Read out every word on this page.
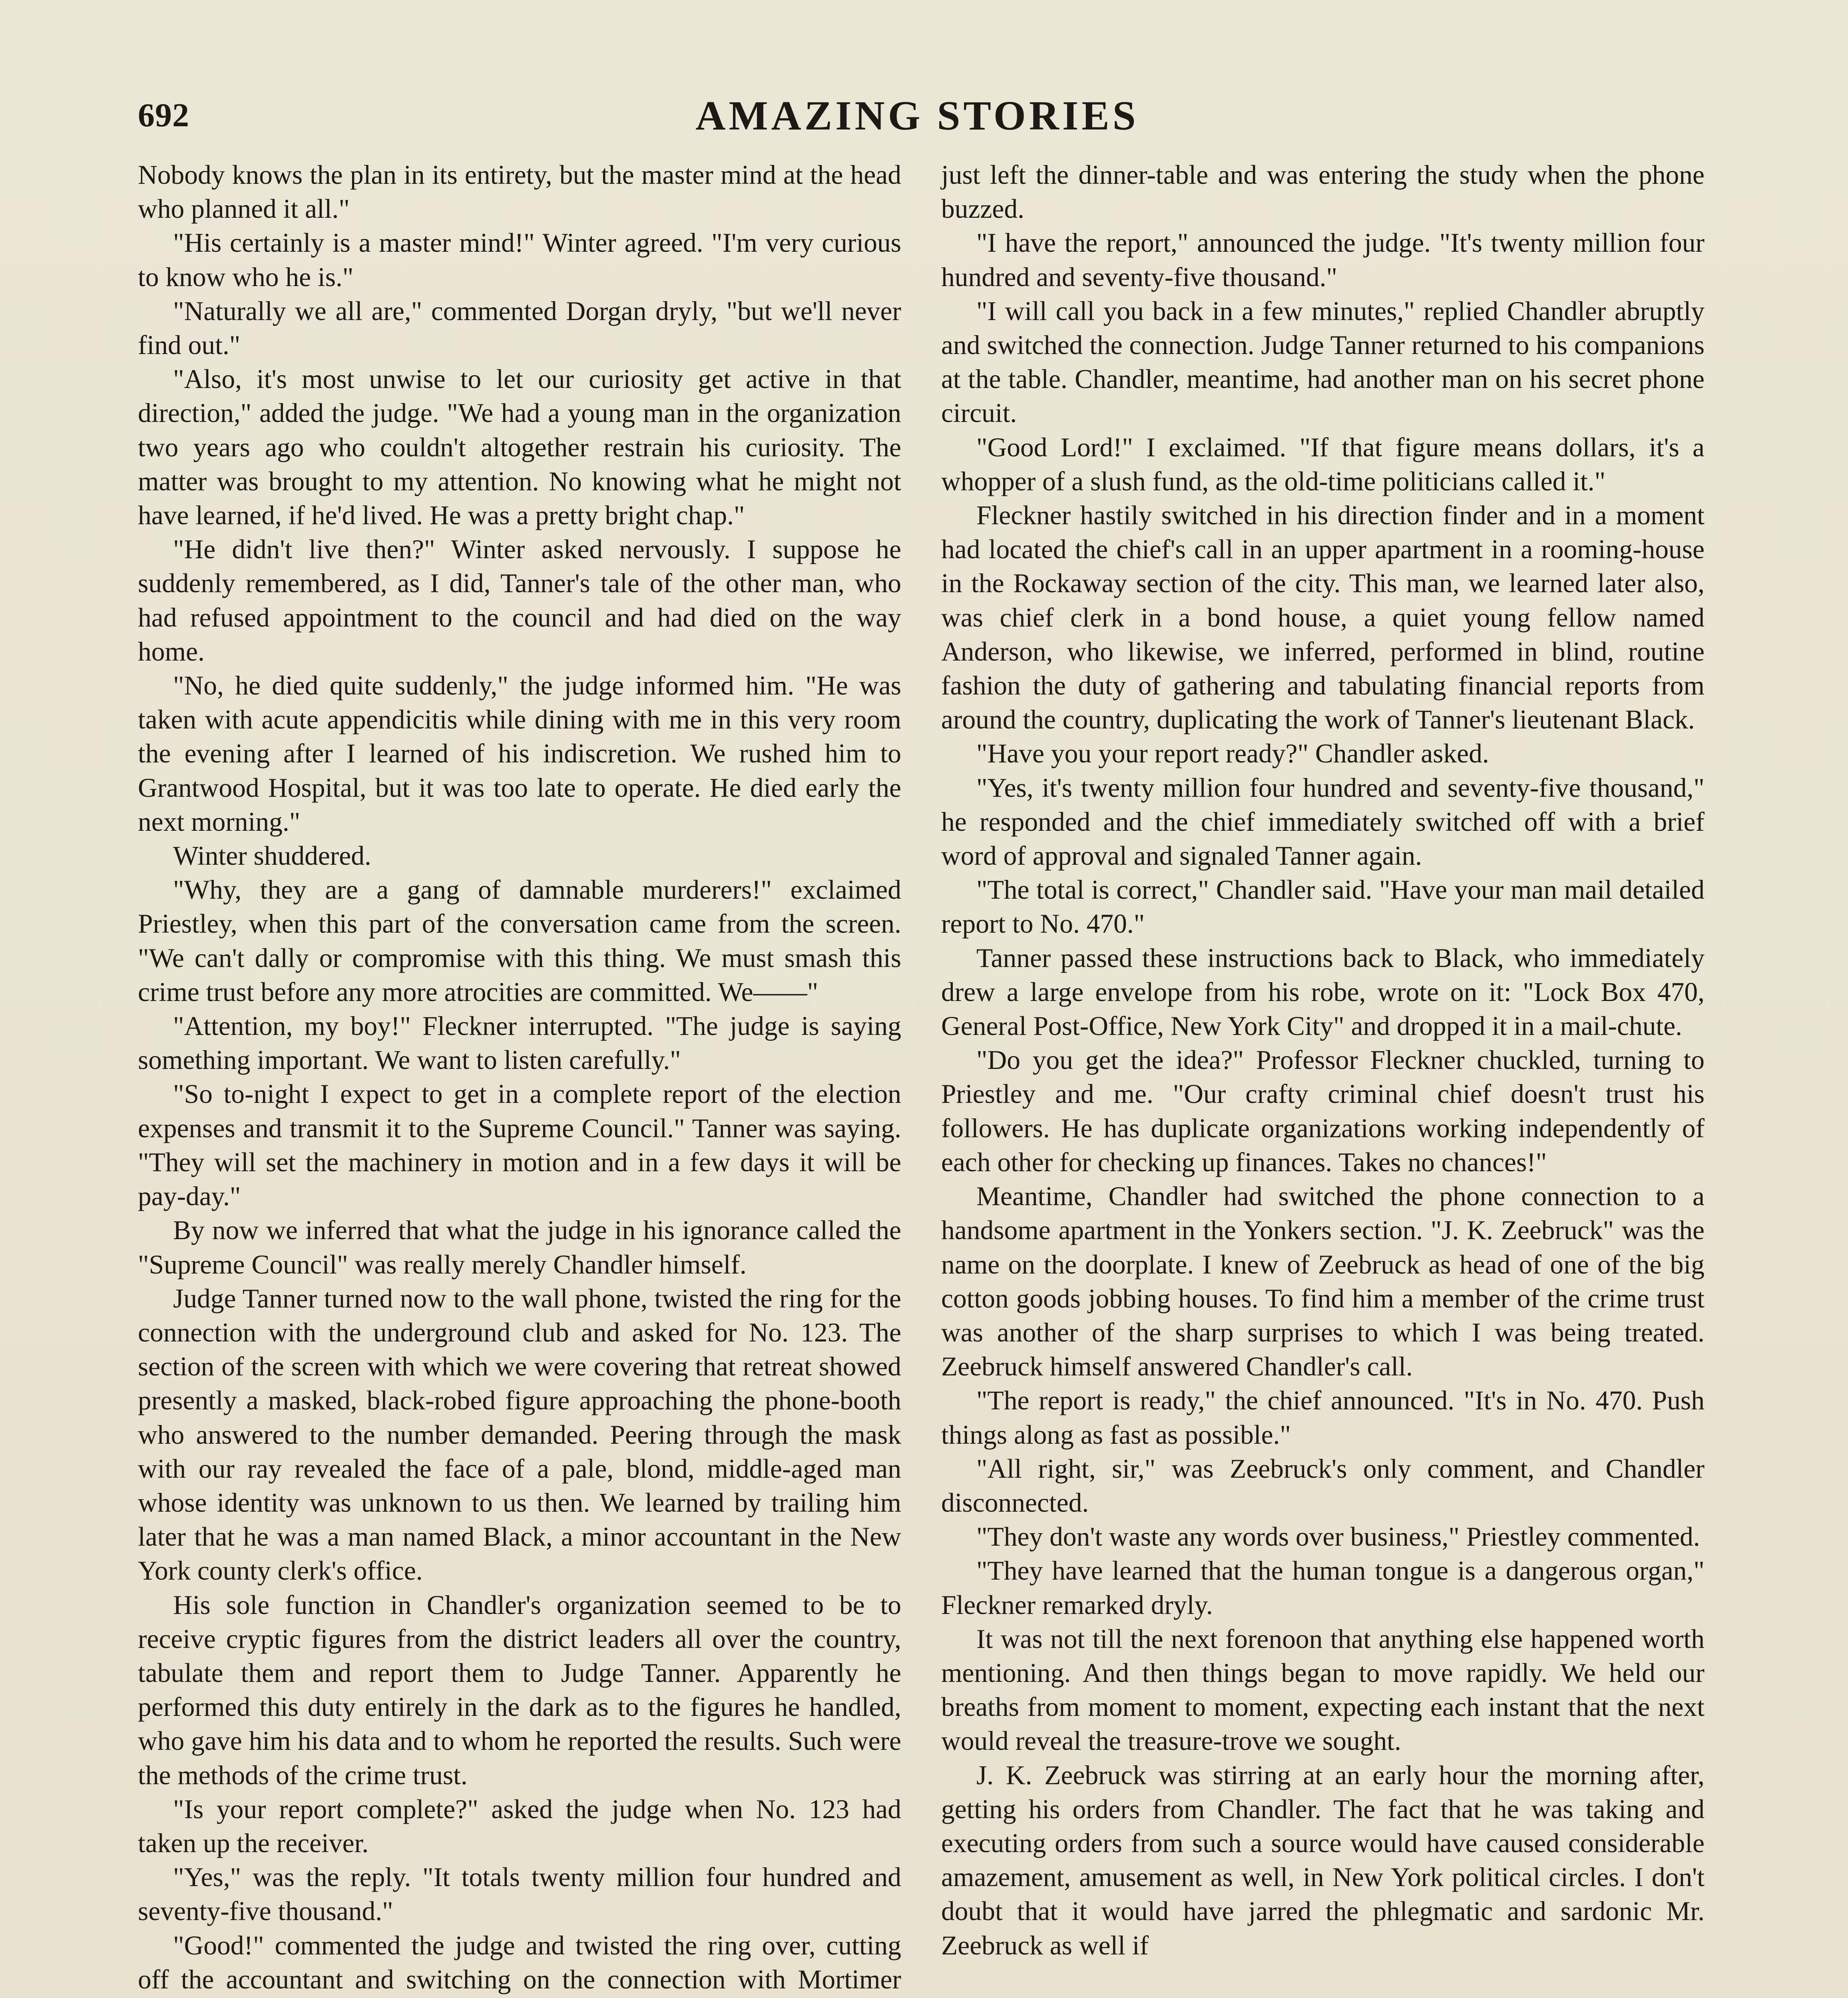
692	AMAZING STORIES

Nobody knows the plan in its entirety, but the master mind at the head who planned it all."

"His certainly is a master mind!" Winter agreed. "I'm very curious to know who he is."

"Naturally we all are," commented Dorgan dryly, "but we'll never find out."

"Also, it's most unwise to let our curiosity get active in that direction," added the judge. "We had a young man in the organization two years ago who couldn't altogether restrain his curiosity. The matter was brought to my attention. No knowing what he might not have learned, if he'd lived. He was a pretty bright chap."

"He didn't live then?" Winter asked nervously. I suppose he suddenly remembered, as I did, Tanner's tale of the other man, who had refused appointment to the council and had died on the way home.

"No, he died quite suddenly," the judge informed him. "He was taken with acute appendicitis while dining with me in this very room the evening after I learned of his indiscretion. We rushed him to Grantwood Hospital, but it was too late to operate. He died early the next morning."

Winter shuddered.

"Why, they are a gang of damnable murderers!" exclaimed Priestley, when this part of the conversation came from the screen. "We can't dally or compromise with this thing. We must smash this crime trust before any more atrocities are committed. We——"

"Attention, my boy!" Fleckner interrupted. "The judge is saying something important. We want to listen carefully."

"So to-night I expect to get in a complete report of the election expenses and transmit it to the Supreme Council." Tanner was saying. "They will set the machinery in motion and in a few days it will be pay-day."

By now we inferred that what the judge in his ignorance called the "Supreme Council" was really merely Chandler himself.

Judge Tanner turned now to the wall phone, twisted the ring for the connection with the underground club and asked for No. 123. The section of the screen with which we were covering that retreat showed presently a masked, black-robed figure approaching the phone-booth who answered to the number demanded. Peering through the mask with our ray revealed the face of a pale, blond, middle-aged man whose identity was unknown to us then. We learned by trailing him later that he was a man named Black, a minor accountant in the New York county clerk's office.

His sole function in Chandler's organization seemed to be to receive cryptic figures from the district leaders all over the country, tabulate them and report them to Judge Tanner. Apparently he performed this duty entirely in the dark as to the figures he handled, who gave him his data and to whom he reported the results. Such were the methods of the crime trust.

"Is your report complete?" asked the judge when No. 123 had taken up the receiver.

"Yes," was the reply. "It totals twenty million four hundred and seventy-five thousand."

"Good!" commented the judge and twisted the ring over, cutting off the accountant and switching on the connection with Mortimer

just left the dinner-table and was entering the study when the phone buzzed.

"I have the report," announced the judge. "It's twenty million four hundred and seventy-five thousand."

"I will call you back in a few minutes," replied Chandler abruptly and switched the connection. Judge Tanner returned to his companions at the table. Chandler, meantime, had another man on his secret phone circuit.

"Good Lord!" I exclaimed. "If that figure means dollars, it's a whopper of a slush fund, as the old-time politicians called it."

Fleckner hastily switched in his direction finder and in a moment had located the chief's call in an upper apartment in a rooming-house in the Rockaway section of the city. This man, we learned later also, was chief clerk in a bond house, a quiet young fellow named Anderson, who likewise, we inferred, performed in blind, routine fashion the duty of gathering and tabulating financial reports from around the country, duplicating the work of Tanner's lieutenant Black.

"Have you your report ready?" Chandler asked.

"Yes, it's twenty million four hundred and seventy-five thousand," he responded and the chief immediately switched off with a brief word of approval and signaled Tanner again.

"The total is correct," Chandler said. "Have your man mail detailed report to No. 470."

Tanner passed these instructions back to Black, who immediately drew a large envelope from his robe, wrote on it: "Lock Box 470, General Post-Office, New York City" and dropped it in a mail-chute.

"Do you get the idea?" Professor Fleckner chuckled, turning to Priestley and me. "Our crafty criminal chief doesn't trust his followers. He has duplicate organizations working independently of each other for checking up finances. Takes no chances!"

Meantime, Chandler had switched the phone connection to a handsome apartment in the Yonkers section. "J. K. Zeebruck" was the name on the doorplate. I knew of Zeebruck as head of one of the big cotton goods jobbing houses. To find him a member of the crime trust was another of the sharp surprises to which I was being treated. Zeebruck himself answered Chandler's call.

"The report is ready," the chief announced. "It's in No. 470. Push things along as fast as possible."

"All right, sir," was Zeebruck's only comment, and Chandler disconnected.

"They don't waste any words over business," Priestley commented.

"They have learned that the human tongue is a dangerous organ," Fleckner remarked dryly.

It was not till the next forenoon that anything else happened worth mentioning. And then things began to move rapidly. We held our breaths from moment to moment, expecting each instant that the next would reveal the treasure-trove we sought.

J. K. Zeebruck was stirring at an early hour the morning after, getting his orders from Chandler. The fact that he was taking and executing orders from such a source would have caused considerable amazement, amusement as well, in New York political circles. I don't doubt that it would have jarred the phlegmatic and sardonic Mr. Zeebruck as well if
